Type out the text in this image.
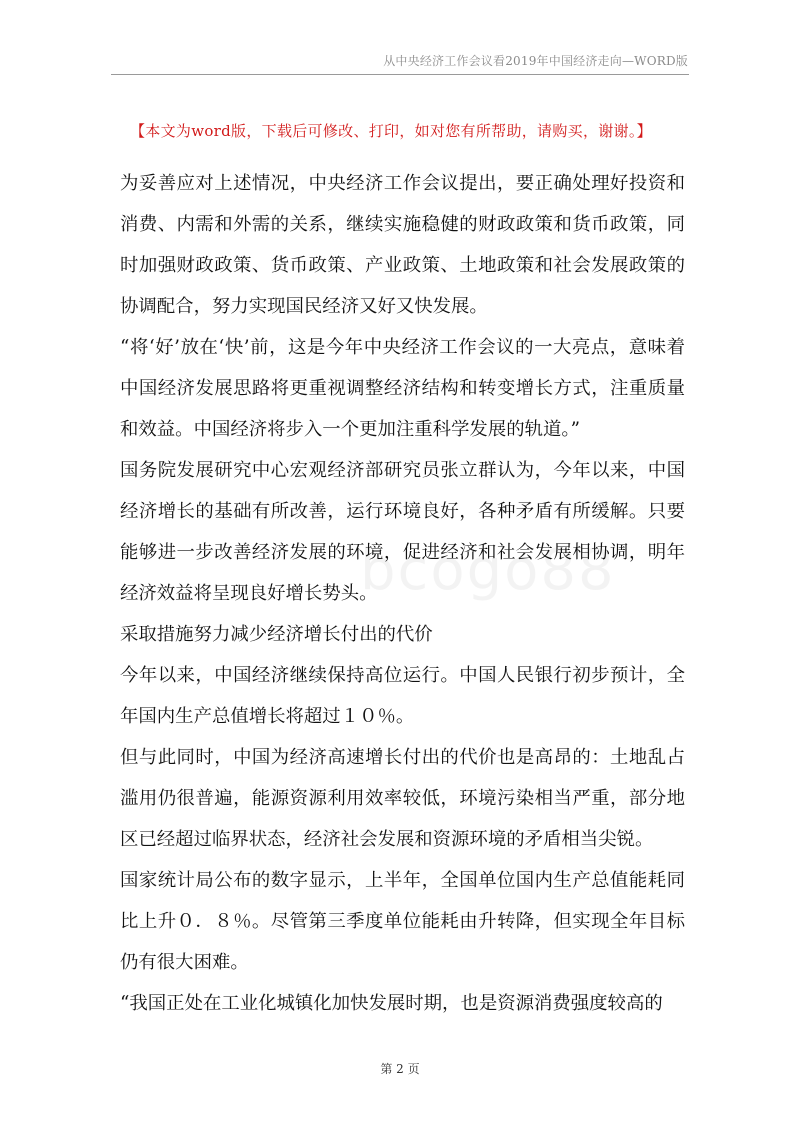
从中央经济工作会议看2019年中国经济走向—WORD版
【本文为word版，下载后可修改、打印，如对您有所帮助，请购买，谢谢。】

为妥善应对上述情况，中央经济工作会议提出，要正确处理好投资和消费、内需和外需的关系，继续实施稳健的财政政策和货币政策，同时加强财政政策、货币政策、产业政策、土地政策和社会发展政策的协调配合，努力实现国民经济又好又快发展。

“将‘好’放在‘快’前，这是今年中央经济工作会议的一大亮点，意味着中国经济发展思路将更重视调整经济结构和转变增长方式，注重质量和效益。中国经济将步入一个更加注重科学发展的轨道。”

国务院发展研究中心宏观经济部研究员张立群认为，今年以来，中国经济增长的基础有所改善，运行环境良好，各种矛盾有所缓解。只要能够进一步改善经济发展的环境，促进经济和社会发展相协调，明年经济效益将呈现良好增长势头。

采取措施努力减少经济增长付出的代价

今年以来，中国经济继续保持高位运行。中国人民银行初步预计，全年国内生产总值增长将超过１０％。

但与此同时，中国为经济高速增长付出的代价也是高昂的：土地乱占滥用仍很普遍，能源资源利用效率较低，环境污染相当严重，部分地区已经超过临界状态，经济社会发展和资源环境的矛盾相当尖锐。

国家统计局公布的数字显示，上半年，全国单位国内生产总值能耗同比上升０．８％。尽管第三季度单位能耗由升转降，但实现全年目标仍有很大困难。

“我国正处在工业化城镇化加快发展时期，也是资源消费强度较高的

第 2 页
